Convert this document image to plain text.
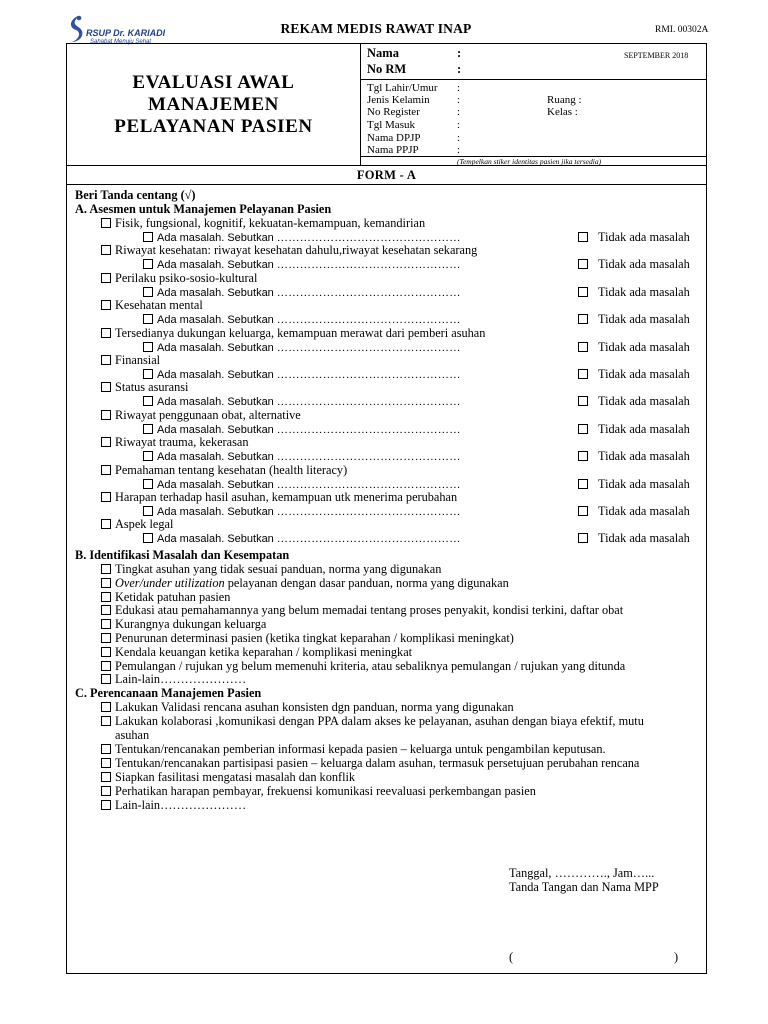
RSUP Dr. KARIADI
Sahabat Menuju Sehat
REKAM MEDIS RAWAT INAP	RMI. 00302A
EVALUASI AWAL
MANAJEMEN
PELAYANAN PASIEN
Nama	:	SEPTEMBER 2018
No RM	:
Tgl Lahir/Umur :
Jenis Kelamin :	Ruang :
No Register	:	Kelas :
Tgl Masuk	:
Nama DPJP	:
Nama PPJP	:
(Tempelkan stiker identitas pasien jika tersedia)
FORM - A
Beri Tanda centang (√)
A. Asesmen untuk Manajemen Pelayanan Pasien
Fisik, fungsional, kognitif, kekuatan-kemampuan, kemandirian
Ada masalah. Sebutkan …………………………………………	Tidak ada masalah
Riwayat kesehatan: riwayat kesehatan dahulu,riwayat kesehatan sekarang
Ada masalah. Sebutkan …………………………………………	Tidak ada masalah
Perilaku psiko-sosio-kultural
Ada masalah. Sebutkan …………………………………………	Tidak ada masalah
Kesehatan mental
Ada masalah. Sebutkan …………………………………………	Tidak ada masalah
Tersedianya dukungan keluarga, kemampuan merawat dari pemberi asuhan
Ada masalah. Sebutkan …………………………………………	Tidak ada masalah
Finansial
Ada masalah. Sebutkan …………………………………………	Tidak ada masalah
Status asuransi
Ada masalah. Sebutkan …………………………………………	Tidak ada masalah
Riwayat penggunaan obat, alternative
Ada masalah. Sebutkan …………………………………………	Tidak ada masalah
Riwayat trauma, kekerasan
Ada masalah. Sebutkan …………………………………………	Tidak ada masalah
Pemahaman tentang kesehatan (health literacy)
Ada masalah. Sebutkan …………………………………………	Tidak ada masalah
Harapan terhadap hasil asuhan, kemampuan utk menerima perubahan
Ada masalah. Sebutkan …………………………………………	Tidak ada masalah
Aspek legal
Ada masalah. Sebutkan …………………………………………	Tidak ada masalah
B. Identifikasi Masalah dan Kesempatan
Tingkat asuhan yang tidak sesuai panduan, norma yang digunakan
Over/under utilization pelayanan dengan dasar panduan, norma yang digunakan
Ketidak patuhan pasien
Edukasi atau pemahamannya yang belum memadai tentang proses penyakit, kondisi terkini, daftar obat
Kurangnya dukungan keluarga
Penurunan determinasi pasien (ketika tingkat keparahan / komplikasi meningkat)
Kendala keuangan ketika keparahan / komplikasi meningkat
Pemulangan / rujukan yg belum memenuhi kriteria, atau sebaliknya pemulangan / rujukan yang ditunda
Lain-lain…………………
C. Perencanaan Manajemen Pasien
Lakukan Validasi rencana asuhan konsisten dgn panduan, norma yang digunakan
Lakukan kolaborasi ,komunikasi dengan PPA dalam akses ke pelayanan, asuhan dengan biaya efektif, mutu
Tentukan/rencanakan pemberian informasi kepada pasien – keluarga untuk pengambilan keputusan.
Tentukan/rencanakan partisipasi pasien – keluarga dalam asuhan, termasuk persetujuan perubahan rencana
Siapkan fasilitasi mengatasi masalah dan konflik
Perhatikan harapan pembayar, frekuensi komunikasi reevaluasi perkembangan pasien
Lain-lain…………………
asuhan
Tanggal, …………., Jam…...
Tanda Tangan dan Nama MPP
(	)
